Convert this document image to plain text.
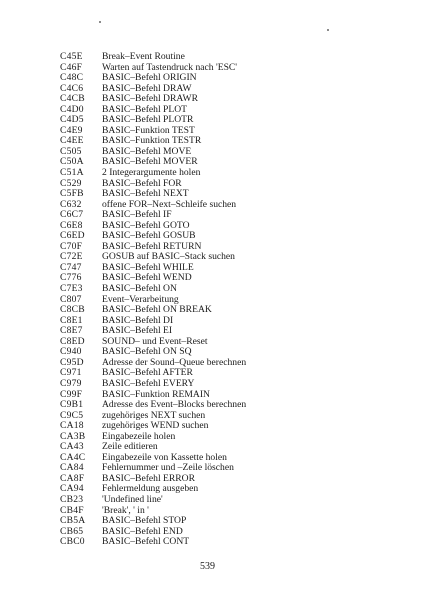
C45E	Break–Event Routine
C46F	Warten auf Tastendruck nach 'ESC'
C48C	BASIC–Befehl ORIGIN
C4C6	BASIC–Befehl DRAW
C4CB	BASIC–Befehl DRAWR
C4D0	BASIC–Befehl PLOT
C4D5	BASIC–Befehl PLOTR
C4E9	BASIC–Funktion TEST
C4EE	BASIC–Funktion TESTR
C505	BASIC–Befehl MOVE
C50A	BASIC–Befehl MOVER
C51A	2 Integerargumente holen
C529	BASIC–Befehl FOR
C5FB	BASIC–Befehl NEXT
C632	offene FOR–Next–Schleife suchen
C6C7	BASIC–Befehl IF
C6E8	BASIC–Befehl GOTO
C6ED	BASIC–Befehl GOSUB
C70F	BASIC–Befehl RETURN
C72E	GOSUB auf BASIC–Stack suchen
C747	BASIC–Befehl WHILE
C776	BASIC–Befehl WEND
C7E3	BASIC–Befehl ON
C807	Event–Verarbeitung
C8CB	BASIC–Befehl ON BREAK
C8E1	BASIC–Befehl DI
C8E7	BASIC–Befehl EI
C8ED	SOUND– und Event–Reset
C940	BASIC–Befehl ON SQ
C95D	Adresse der Sound–Queue berechnen
C971	BASIC–Befehl AFTER
C979	BASIC–Befehl EVERY
C99F	BASIC–Funktion REMAIN
C9B1	Adresse des Event–Blocks berechnen
C9C5	zugehöriges NEXT suchen
CA18	zugehöriges WEND suchen
CA3B	Eingabezeile holen
CA43	Zeile editieren
CA4C	Eingabezeile von Kassette holen
CA84	Fehlernummer und –Zeile löschen
CA8F	BASIC–Befehl ERROR
CA94	Fehlermeldung ausgeben
CB23	'Undefined line'
CB4F	'Break', ' in '
CB5A	BASIC–Befehl STOP
CB65	BASIC–Befehl END
CBC0	BASIC–Befehl CONT
539
